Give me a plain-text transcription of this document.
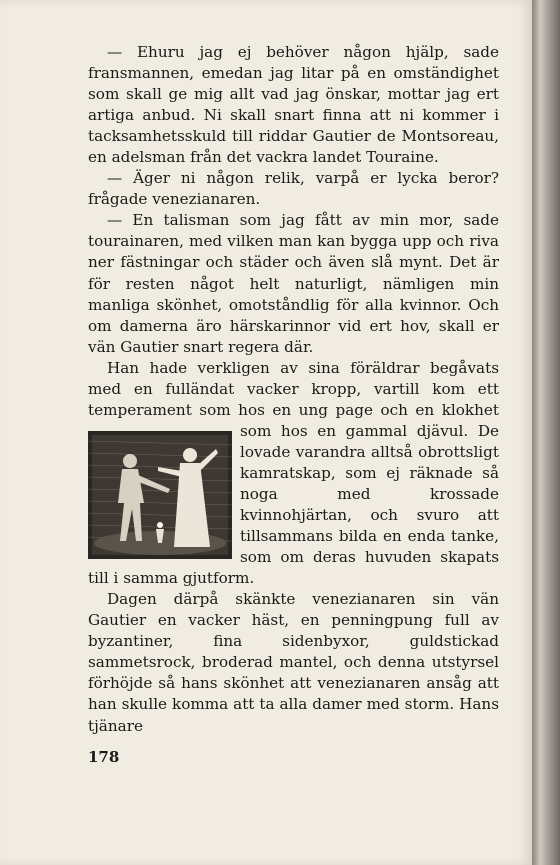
— Ehuru jag ej behöver någon hjälp, sade fransmannen, emedan jag litar på en omständighet som skall ge mig allt vad jag önskar, mottar jag ert artiga anbud. Ni skall snart finna att ni kommer i tacksamhetsskuld till riddar Gautier de Montsoreau, en adelsman från det vackra landet Touraine.

— Äger ni någon relik, varpå er lycka beror? frågade venezianaren.

— En talisman som jag fått av min mor, sade tourainaren, med vilken man kan bygga upp och riva ner fästningar och städer och även slå mynt. Det är för resten något helt naturligt, nämligen min manliga skönhet, omotståndlig för alla kvinnor. Och om damerna äro härskarinnor vid ert hov, skall er vän Gautier snart regera där.

Han hade verkligen av sina föräldrar begåvats med en fulländat vacker kropp, vartill kom ett temperament som hos en ung page och en klokhet som hos en gammal djävul. De lovade varandra alltså obrottsligt kamratskap, som ej räknade så noga med krossade kvinnohjärtan, och svuro att tillsammans bilda en enda tanke, som om deras huvuden skapats till i samma gjutform.

Dagen därpå skänkte venezianaren sin vän Gautier en vacker häst, en penningpung full av byzantiner, fina sidenbyxor, guldstickad sammetsrock, broderad mantel, och denna utstyrsel förhöjde så hans skönhet att venezianaren ansåg att han skulle komma att ta alla damer med storm. Hans tjänare

178
